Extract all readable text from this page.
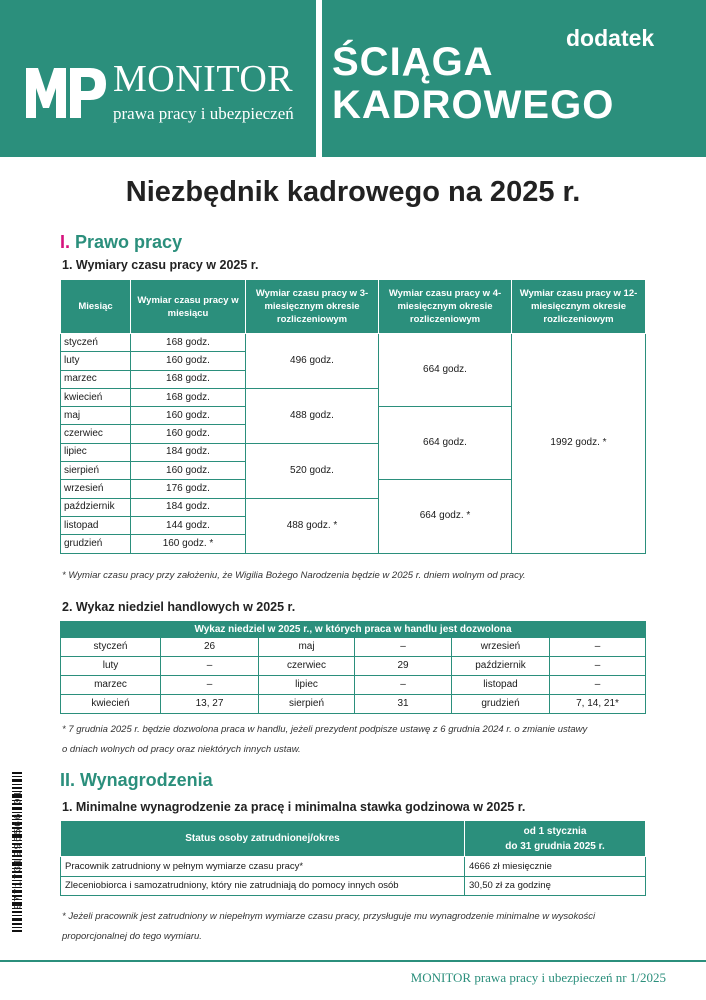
MONITOR
prawa pracy i ubezpieczeń
dodatek
ŚCIĄGA
KADROWEGO
Niezbędnik kadrowego na 2025 r.
I. Prawo pracy
1. Wymiary czasu pracy w 2025 r.
Miesiąc	Wymiar czasu pracy w miesiącu	Wymiar czasu pracy w 3-miesięcznym okresie rozliczeniowym	Wymiar czasu pracy w 4-miesięcznym okresie rozliczeniowym	Wymiar czasu pracy w 12-miesięcznym okresie rozliczeniowym
styczeń	168 godz.	496 godz.	664 godz.	1992 godz. *
luty	160 godz.			
marzec	168 godz.			
kwiecień	168 godz.	488 godz.		
maj	160 godz.		664 godz.	
czerwiec	160 godz.			
lipiec	184 godz.	520 godz.		
sierpień	160 godz.			
wrzesień	176 godz.		664 godz. *	
październik	184 godz.	488 godz. *		
listopad	144 godz.			
grudzień	160 godz. *			
* Wymiar czasu pracy przy założeniu, że Wigilia Bożego Narodzenia będzie w 2025 r. dniem wolnym od pracy.
2. Wykaz niedziel handlowych w 2025 r.
Wykaz niedziel w 2025 r., w których praca w handlu jest dozwolona					
styczeń	26	maj	–	wrzesień	–
luty	–	czerwiec	29	październik	–
marzec	–	lipiec	–	listopad	–
kwiecień	13, 27	sierpień	31	grudzień	7, 14, 21*
* 7 grudnia 2025 r. będzie dozwolona praca w handlu, jeżeli prezydent podpisze ustawę z 6 grudnia 2024 r. o zmianie ustawy
o dniach wolnych od pracy oraz niektórych innych ustaw.
II. Wynagrodzenia
1. Minimalne wynagrodzenie za pracę i minimalna stawka godzinowa w 2025 r.
Status osoby zatrudnionej/okres	od 1 stycznia
do 31 grudnia 2025 r.

Pracownik zatrudniony w pełnym wymiarze czasu pracy*	4666 zł miesięcznie
Zleceniobiorca i samozatrudniony, który nie zatrudniają do pomocy innych osób	30,50 zł za godzinę
* Jeżeli pracownik jest zatrudniony w niepełnym wymiarze czasu pracy, przysługuje mu wynagrodzenie minimalne w wysokości
proporcjonalnej do tego wymiaru.
9771731996566 01
MONITOR prawa pracy i ubezpieczeń nr 1/2025
